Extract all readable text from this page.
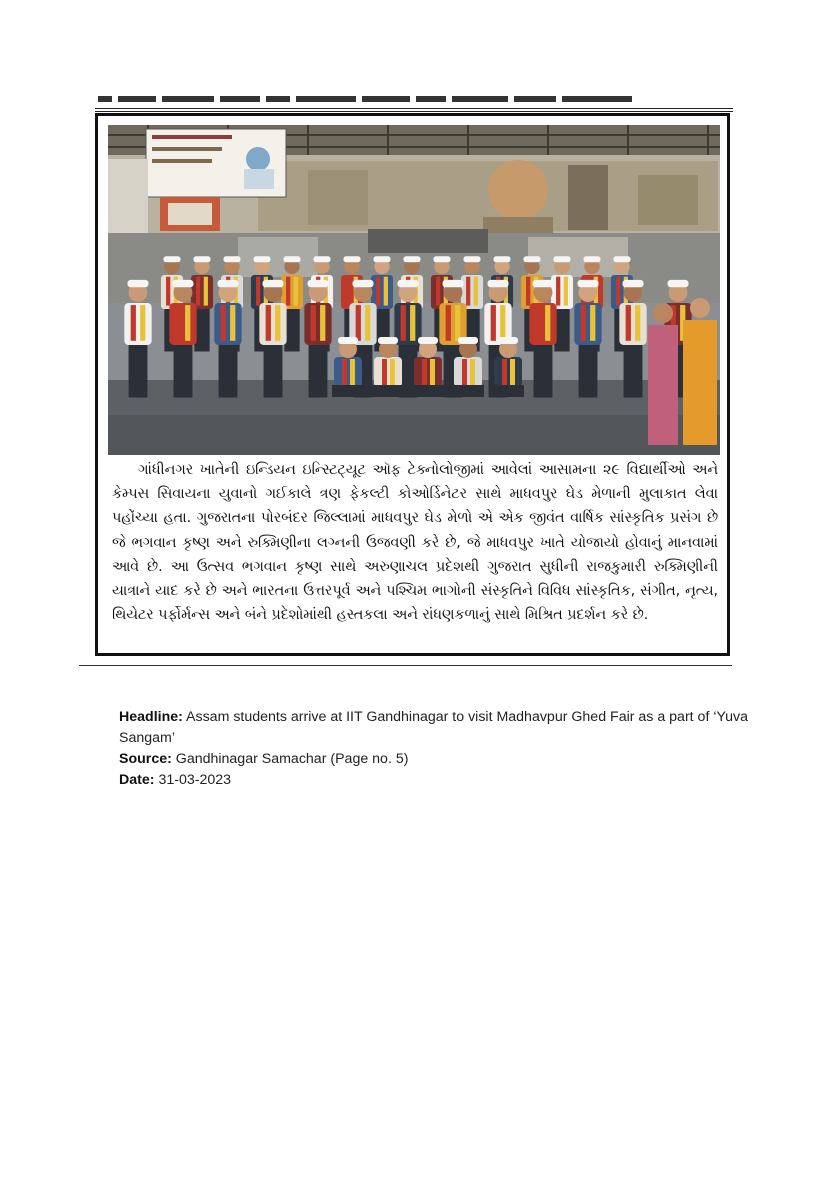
ગાંધીનગર ખાતેની ઇન્ડિયન ઇન્સ્ટિટ્યૂટ ઑફ ટેક્નોલોજીમાં આવેલાં આસામના ૨૯ વિદ્યાર્થીઓ અને કેમ્પસ સિવાયના યુવાનો ગઈકાલે ત્રણ ફેકલ્ટી કોઓર્ડિનેટર સાથે માધવપુર ઘેડ મેળાની મુલાકાત લેવા પહોંચ્યા હતા. ગુજરાતના પોરબંદર જિલ્લામાં માધવપુર ઘેડ મેળો એ એક જીવંત વાર્ષિક સાંસ્કૃતિક પ્રસંગ છે જે ભગવાન કૃષ્ણ અને રુક્મિણીના લગ્નની ઉજવણી કરે છે, જે માધવપુર ખાતે યોજાયો હોવાનું માનવામાં આવે છે. આ ઉત્સવ ભગવાન કૃષ્ણ સાથે અરુણાચલ પ્રદેશથી ગુજરાત સુધીની રાજકુમારી રુક્મિણીની યાત્રાને યાદ કરે છે અને ભારતના ઉત્તરપૂર્વ અને પશ્ચિમ ભાગોની સંસ્કૃતિને વિવિધ સાંસ્કૃતિક, સંગીત, નૃત્ય, થિયેટર પર્ફોર્મન્સ અને બંને પ્રદેશોમાંથી હસ્તકલા અને રાંધણકળાનું સાથે મિશ્રિત પ્રદર્શન કરે છે.
Headline: Assam students arrive at IIT Gandhinagar to visit Madhavpur Ghed Fair as a part of ‘Yuva Sangam’
Source: Gandhinagar Samachar (Page no. 5)
Date: 31-03-2023
